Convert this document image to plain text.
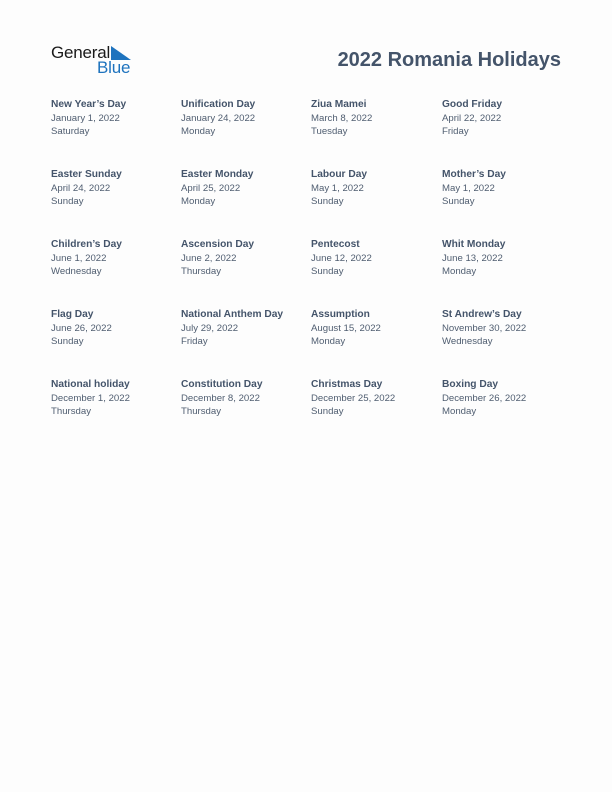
General
Blue	2022 Romania Holidays
New Year’s Day
January 1, 2022
Saturday
Unification Day
January 24, 2022
Monday
Ziua Mamei
March 8, 2022
Tuesday
Good Friday
April 22, 2022
Friday
Easter Sunday
April 24, 2022
Sunday
Easter Monday
April 25, 2022
Monday
Labour Day
May 1, 2022
Sunday
Mother’s Day
May 1, 2022
Sunday
Children’s Day
June 1, 2022
Wednesday
Ascension Day
June 2, 2022
Thursday
Pentecost
June 12, 2022
Sunday
Whit Monday
June 13, 2022
Monday
Flag Day
June 26, 2022
Sunday
National Anthem Day
July 29, 2022
Friday
Assumption
August 15, 2022
Monday
St Andrew’s Day
November 30, 2022
Wednesday
National holiday
December 1, 2022
Thursday
Constitution Day
December 8, 2022
Thursday
Christmas Day
December 25, 2022
Sunday
Boxing Day
December 26, 2022
Monday
